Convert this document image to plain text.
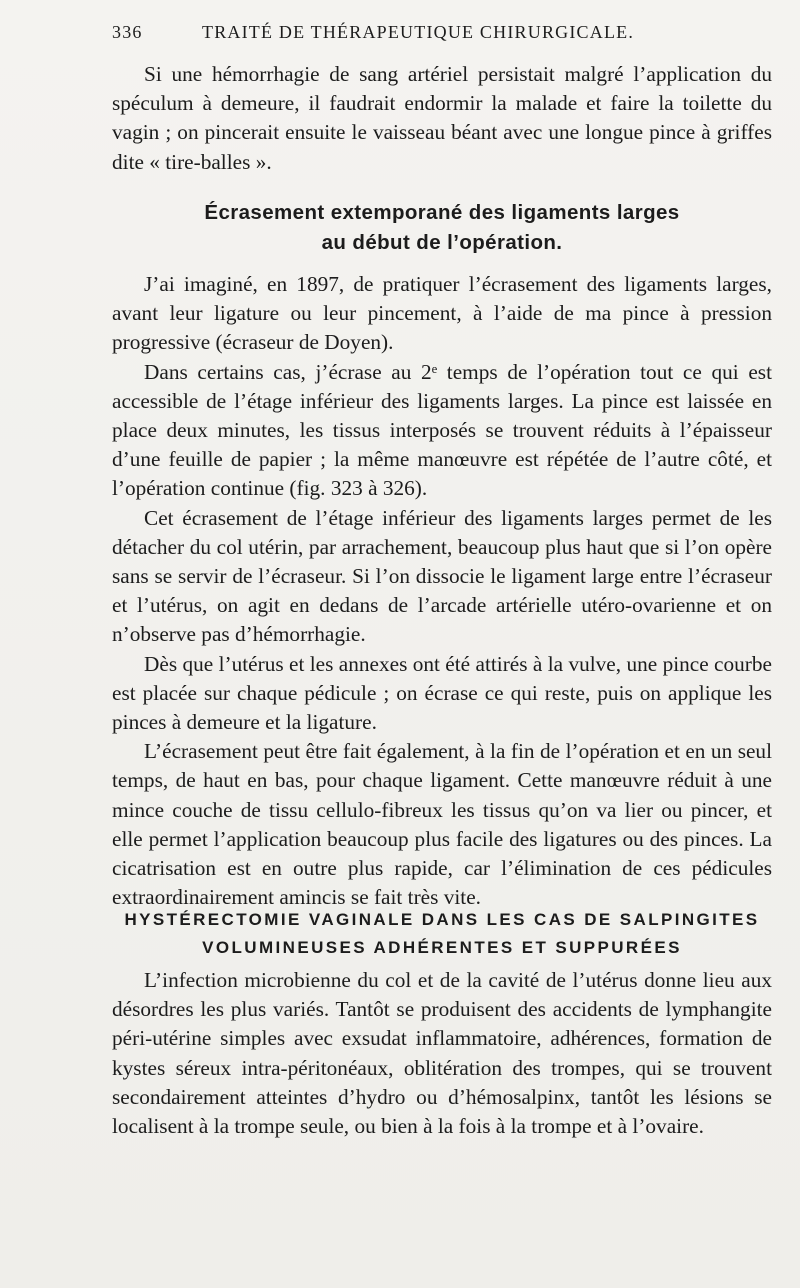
336	TRAITÉ DE THÉRAPEUTIQUE CHIRURGICALE.

Si une hémorrhagie de sang artériel persistait malgré l’application du spéculum à demeure, il faudrait endormir la malade et faire la toilette du vagin ; on pincerait ensuite le vaisseau béant avec une longue pince à griffes dite « tire-balles ».

Écrasement extemporané des ligaments larges
au début de l’opération.

J’ai imaginé, en 1897, de pratiquer l’écrasement des ligaments larges, avant leur ligature ou leur pincement, à l’aide de ma pince à pression progressive (écraseur de Doyen).

Dans certains cas, j’écrase au 2ᵉ temps de l’opération tout ce qui est accessible de l’étage inférieur des ligaments larges. La pince est laissée en place deux minutes, les tissus interposés se trouvent réduits à l’épaisseur d’une feuille de papier ; la même manœuvre est répétée de l’autre côté, et l’opération continue (fig. 323 à 326).

Cet écrasement de l’étage inférieur des ligaments larges permet de les détacher du col utérin, par arrachement, beaucoup plus haut que si l’on opère sans se servir de l’écraseur. Si l’on dissocie le ligament large entre l’écraseur et l’utérus, on agit en dedans de l’arcade artérielle utéro-ovarienne et on n’observe pas d’hémorrhagie.

Dès que l’utérus et les annexes ont été attirés à la vulve, une pince courbe est placée sur chaque pédicule ; on écrase ce qui reste, puis on applique les pinces à demeure et la ligature.

L’écrasement peut être fait également, à la fin de l’opération et en un seul temps, de haut en bas, pour chaque ligament. Cette manœuvre réduit à une mince couche de tissu cellulo-fibreux les tissus qu’on va lier ou pincer, et elle permet l’application beaucoup plus facile des ligatures ou des pinces. La cicatrisation est en outre plus rapide, car l’élimination de ces pédicules extraordinairement amincis se fait très vite.

HYSTÉRECTOMIE VAGINALE DANS LES CAS DE SALPINGITES
VOLUMINEUSES ADHÉRENTES ET SUPPURÉES

L’infection microbienne du col et de la cavité de l’utérus donne lieu aux désordres les plus variés. Tantôt se produisent des accidents de lymphangite péri-utérine simples avec exsudat inflammatoire, adhérences, formation de kystes séreux intra-péritonéaux, oblitération des trompes, qui se trouvent secondairement atteintes d’hydro ou d’hémosalpinx, tantôt les lésions se localisent à la trompe seule, ou bien à la fois à la trompe et à l’ovaire.
